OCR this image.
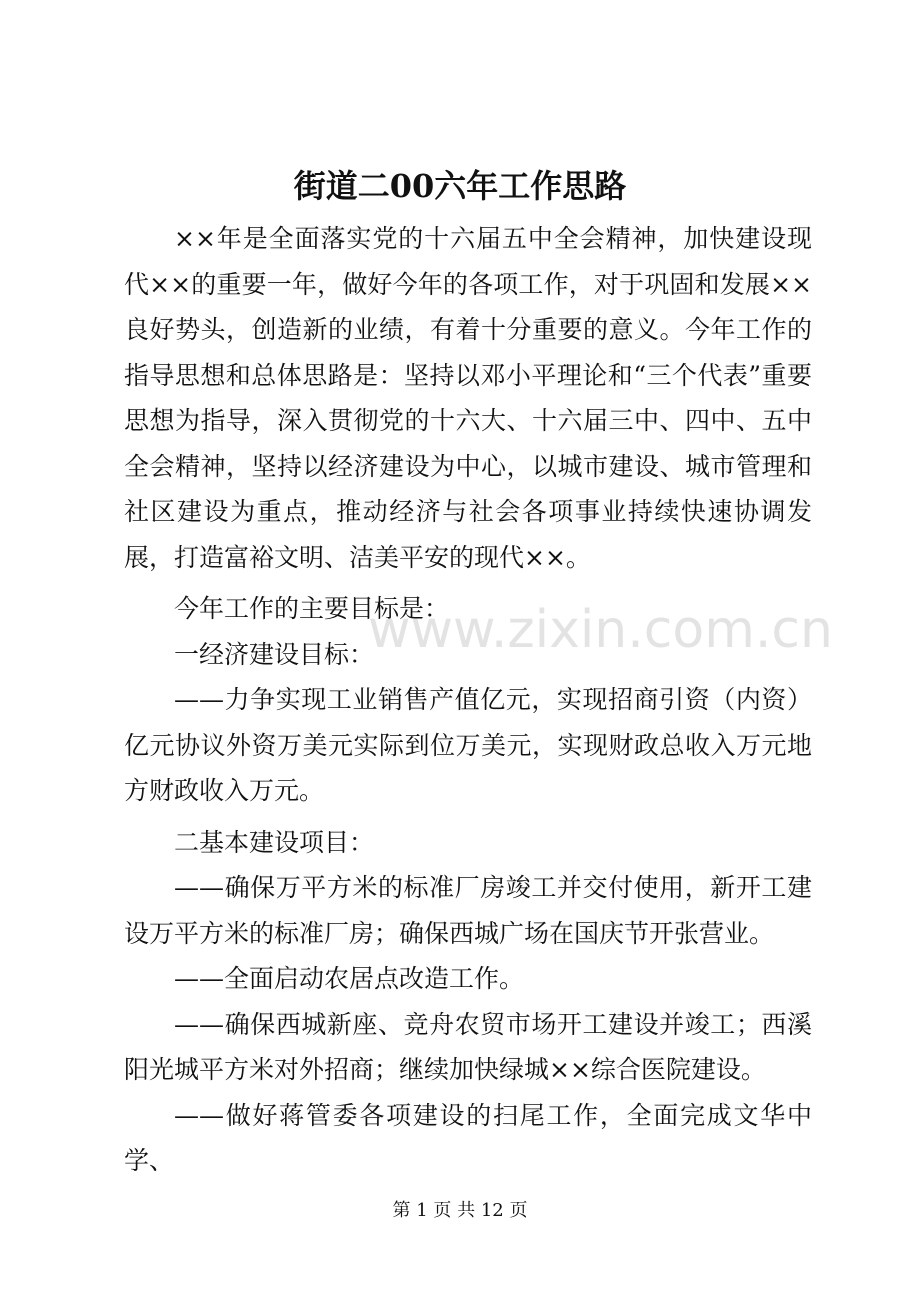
街道二00六年工作思路

××年是全面落实党的十六届五中全会精神，加快建设现代××的重要一年，做好今年的各项工作，对于巩固和发展××良好势头，创造新的业绩，有着十分重要的意义。今年工作的指导思想和总体思路是：坚持以邓小平理论和“三个代表”重要思想为指导，深入贯彻党的十六大、十六届三中、四中、五中全会精神，坚持以经济建设为中心，以城市建设、城市管理和社区建设为重点，推动经济与社会各项事业持续快速协调发展，打造富裕文明、洁美平安的现代××。

今年工作的主要目标是：

一经济建设目标：

——力争实现工业销售产值亿元，实现招商引资（内资）亿元协议外资万美元实际到位万美元，实现财政总收入万元地方财政收入万元。

二基本建设项目：

——确保万平方米的标准厂房竣工并交付使用，新开工建设万平方米的标准厂房；确保西城广场在国庆节开张营业。

——全面启动农居点改造工作。

——确保西城新座、竞舟农贸市场开工建设并竣工；西溪阳光城平方米对外招商；继续加快绿城××综合医院建设。

——做好蒋管委各项建设的扫尾工作，全面完成文华中学、

www.zixin.com.cn
第 1 页 共 12 页
